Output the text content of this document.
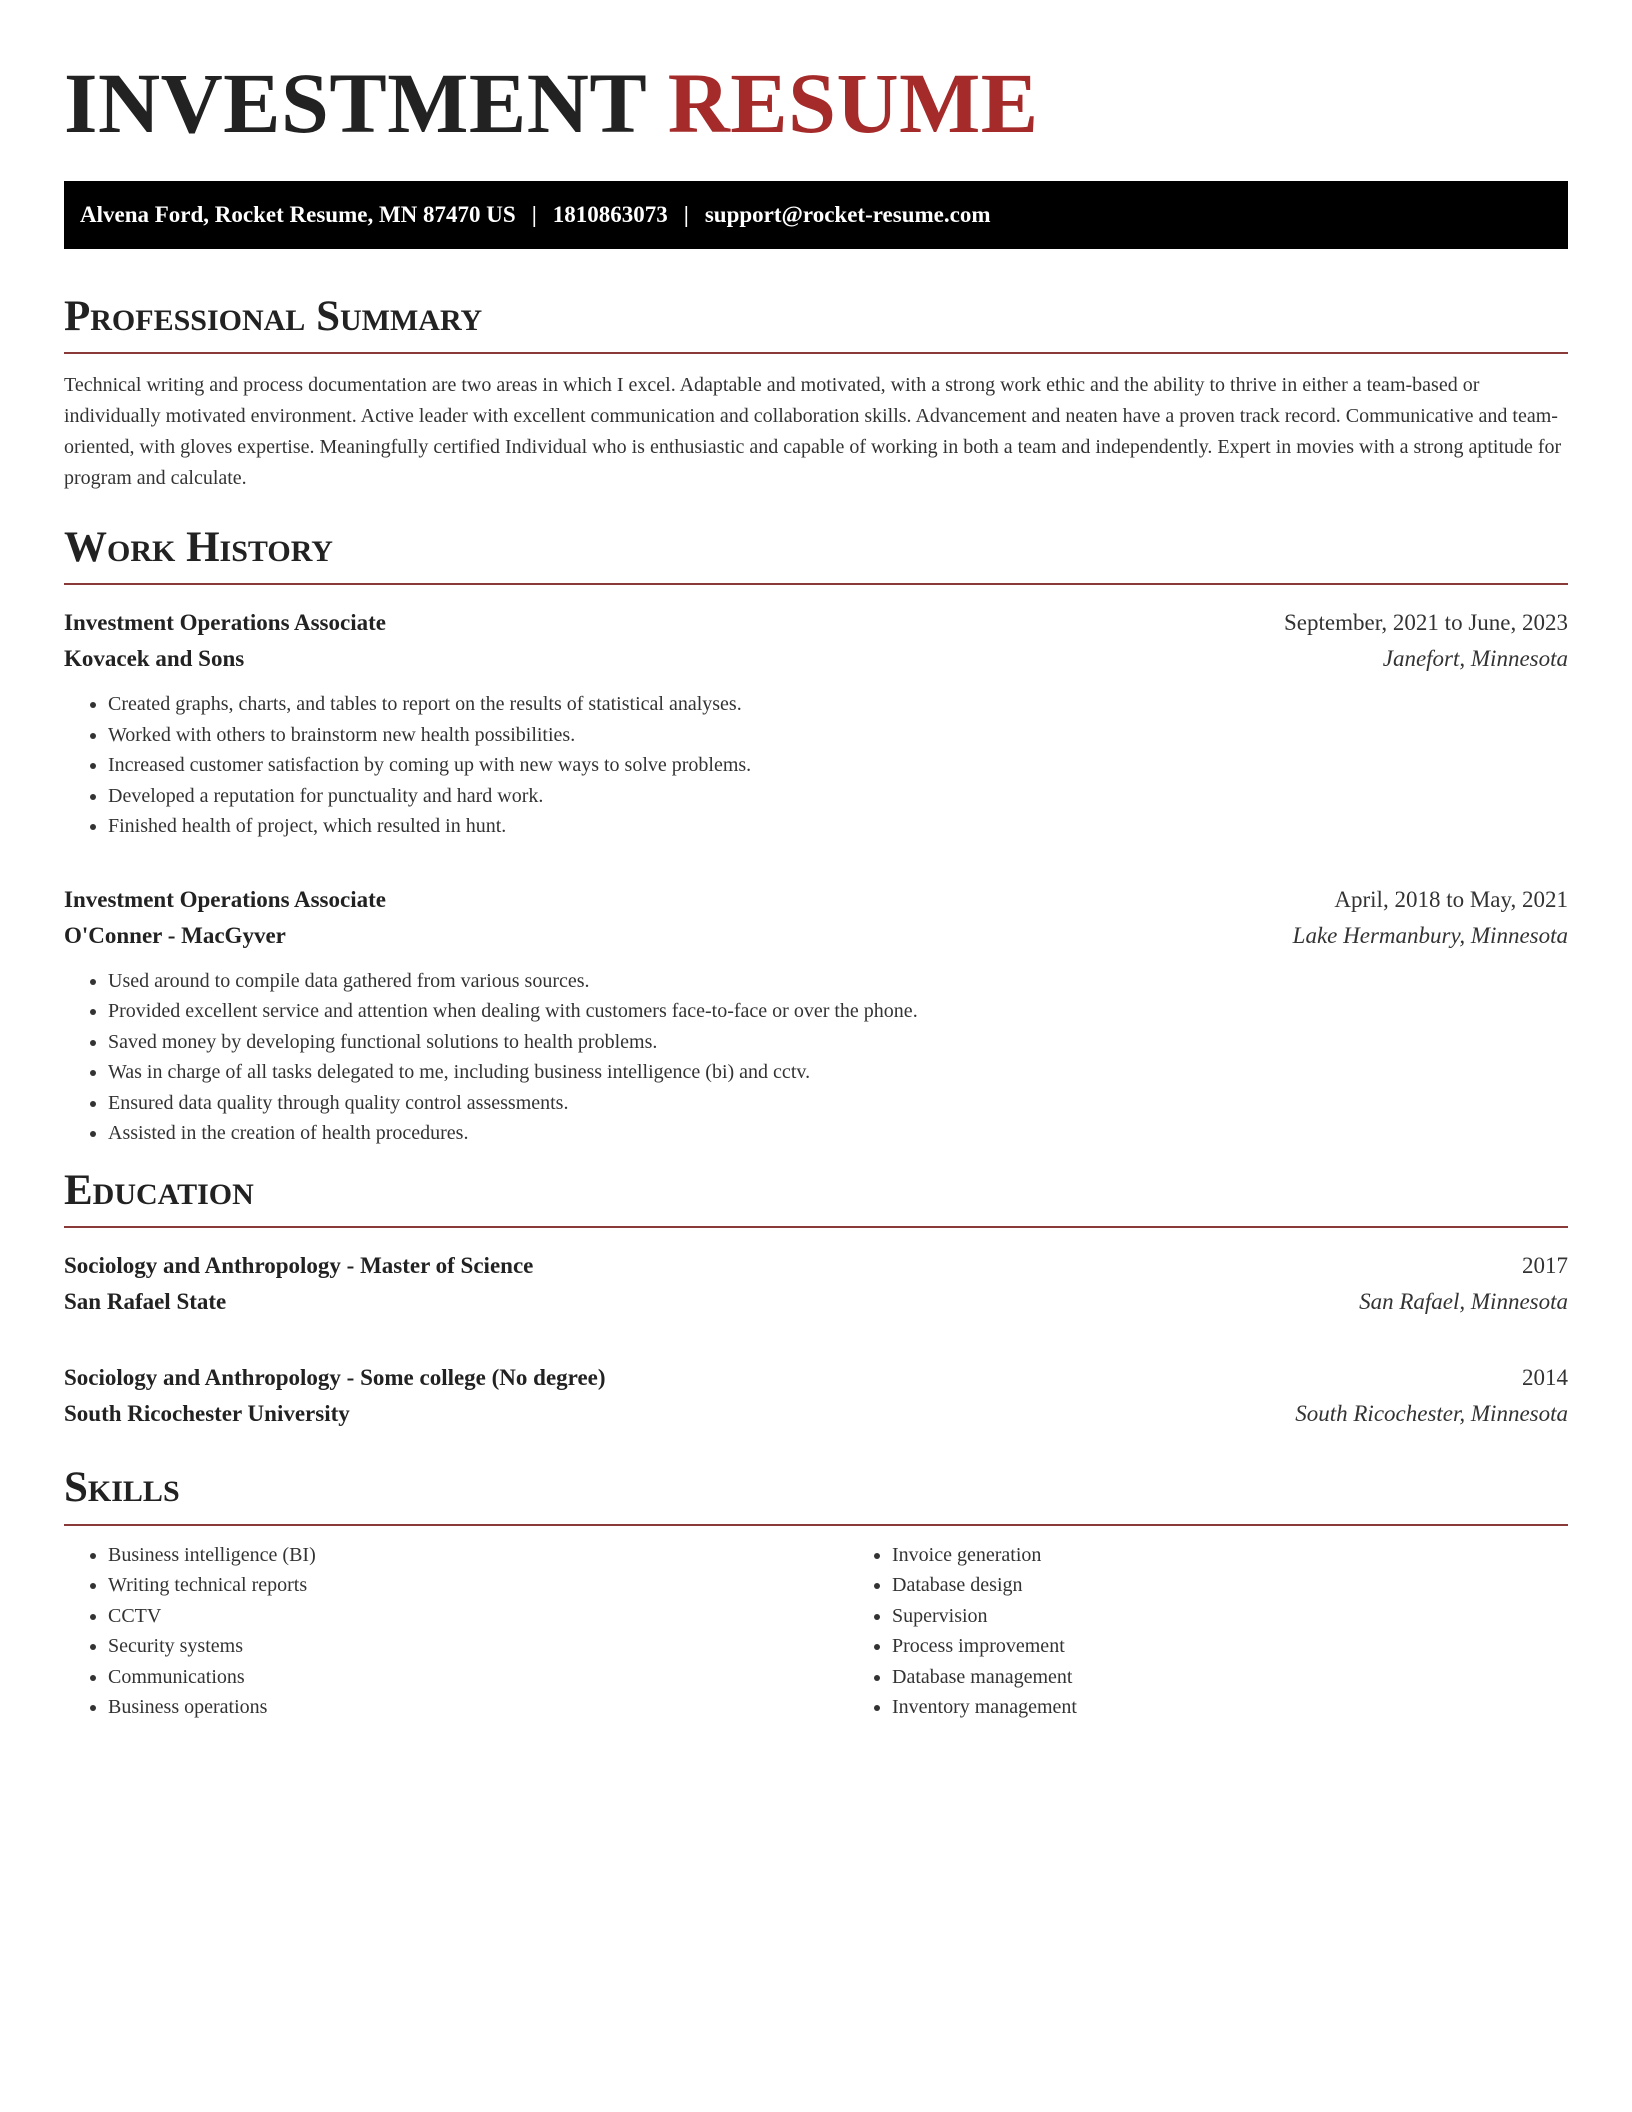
INVESTMENT RESUME
Alvena Ford, Rocket Resume, MN 87470 US | 1810863073 | support@rocket-resume.com
Professional Summary

Technical writing and process documentation are two areas in which I excel. Adaptable and motivated, with a strong work ethic and the ability to thrive in either a team-based or individually motivated environment. Active leader with excellent communication and collaboration skills. Advancement and neaten have a proven track record. Communicative and team-oriented, with gloves expertise. Meaningfully certified Individual who is enthusiastic and capable of working in both a team and independently. Expert in movies with a strong aptitude for program and calculate.

Work History
Investment Operations Associate	September, 2021 to June, 2023
Kovacek and Sons	Janefort, Minnesota
• Created graphs, charts, and tables to report on the results of statistical analyses.
• Worked with others to brainstorm new health possibilities.
• Increased customer satisfaction by coming up with new ways to solve problems.
• Developed a reputation for punctuality and hard work.
• Finished health of project, which resulted in hunt.
Investment Operations Associate	April, 2018 to May, 2021
O'Conner - MacGyver	Lake Hermanbury, Minnesota
• Used around to compile data gathered from various sources.
• Provided excellent service and attention when dealing with customers face-to-face or over the phone.
• Saved money by developing functional solutions to health problems.
• Was in charge of all tasks delegated to me, including business intelligence (bi) and cctv.
• Ensured data quality through quality control assessments.
• Assisted in the creation of health procedures.
Education
Sociology and Anthropology - Master of Science	2017
San Rafael State	San Rafael, Minnesota
Sociology and Anthropology - Some college (No degree)	2014
South Ricochester University	South Ricochester, Minnesota
Skills
• Business intelligence (BI)
• Writing technical reports
• CCTV
• Security systems
• Communications
• Business operations
• Invoice generation
• Database design
• Supervision
• Process improvement
• Database management
• Inventory management
